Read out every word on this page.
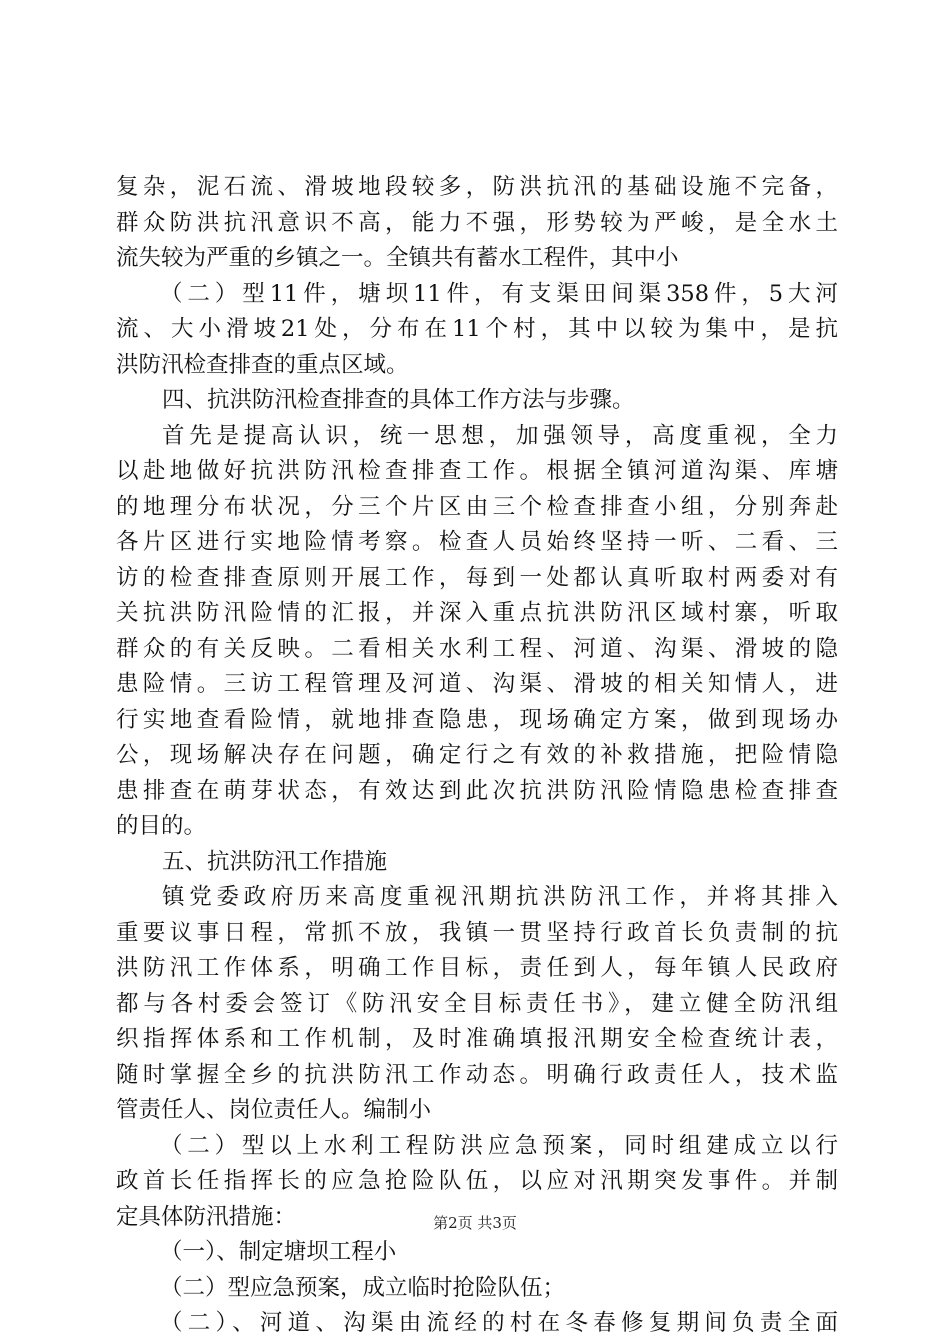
复杂，泥石流、滑坡地段较多，防洪抗汛的基础设施不完备，
群众防洪抗汛意识不高，能力不强，形势较为严峻，是全水土
流失较为严重的乡镇之一。全镇共有蓄水工程件，其中小
（二）型11件，塘坝11件，有支渠田间渠358件，5大河
流、大小滑坡21处，分布在11个村，其中以较为集中，是抗
洪防汛检查排查的重点区域。
四、抗洪防汛检查排查的具体工作方法与步骤。
首先是提高认识，统一思想，加强领导，高度重视，全力
以赴地做好抗洪防汛检查排查工作。根据全镇河道沟渠、库塘
的地理分布状况，分三个片区由三个检查排查小组，分别奔赴
各片区进行实地险情考察。检查人员始终坚持一听、二看、三
访的检查排查原则开展工作，每到一处都认真听取村两委对有
关抗洪防汛险情的汇报，并深入重点抗洪防汛区域村寨，听取
群众的有关反映。二看相关水利工程、河道、沟渠、滑坡的隐
患险情。三访工程管理及河道、沟渠、滑坡的相关知情人，进
行实地查看险情，就地排查隐患，现场确定方案，做到现场办
公，现场解决存在问题，确定行之有效的补救措施，把险情隐
患排查在萌芽状态，有效达到此次抗洪防汛险情隐患检查排查
的目的。
五、抗洪防汛工作措施
镇党委政府历来高度重视汛期抗洪防汛工作，并将其排入
重要议事日程，常抓不放，我镇一贯坚持行政首长负责制的抗
洪防汛工作体系，明确工作目标，责任到人，每年镇人民政府
都与各村委会签订《防汛安全目标责任书》，建立健全防汛组
织指挥体系和工作机制，及时准确填报汛期安全检查统计表，
随时掌握全乡的抗洪防汛工作动态。明确行政责任人，技术监
管责任人、岗位责任人。编制小
（二）型以上水利工程防洪应急预案，同时组建成立以行
政首长任指挥长的应急抢险队伍，以应对汛期突发事件。并制
定具体防汛措施：
（一）、制定塘坝工程小
（二）型应急预案，成立临时抢险队伍；
（二）、河道、沟渠由流经的村在冬春修复期间负责全面
第2页 共3页
